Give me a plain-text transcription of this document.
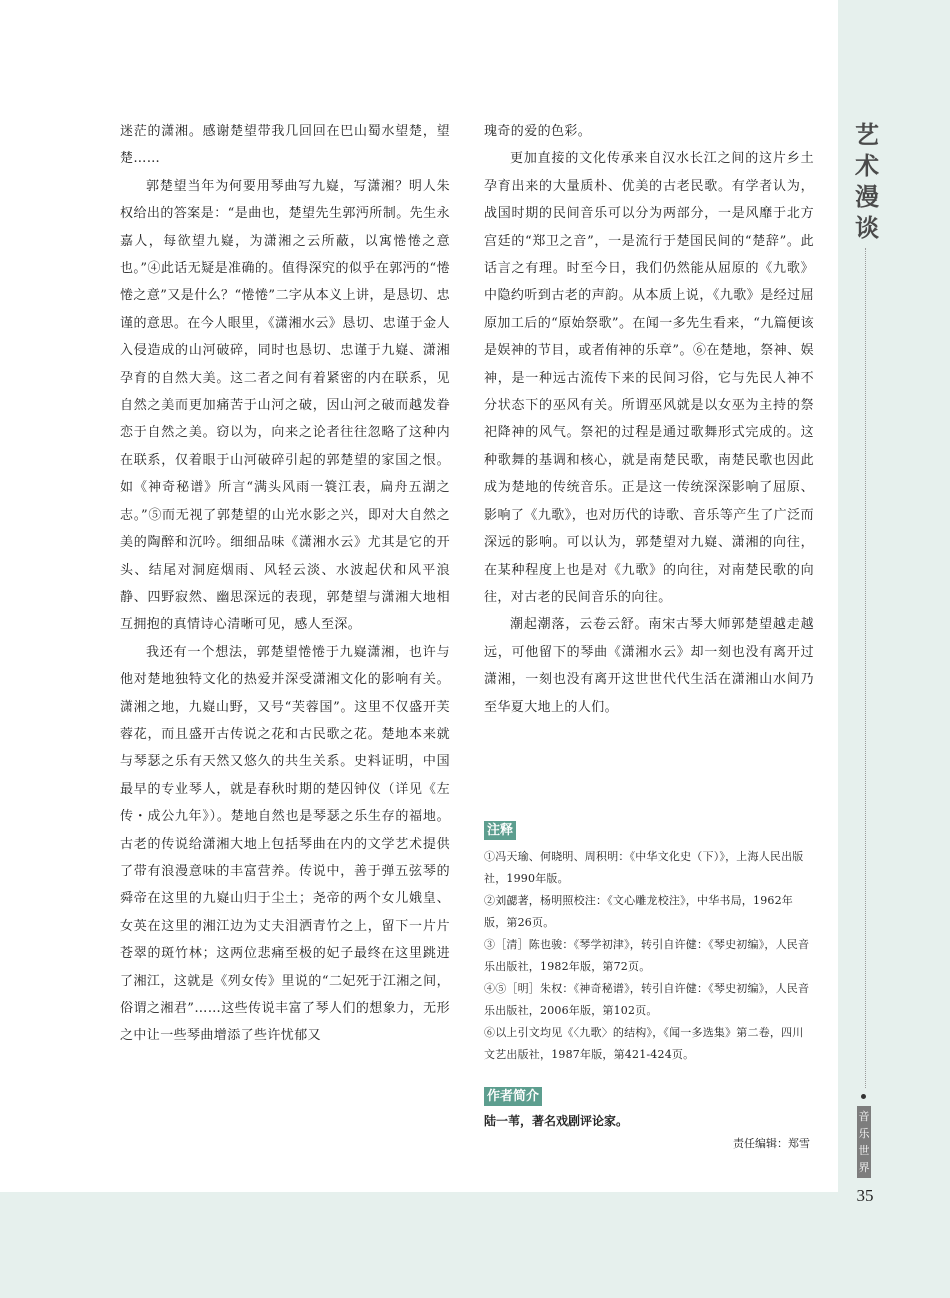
艺术漫谈
音乐世界
35

迷茫的潇湘。感谢楚望带我几回回在巴山蜀水望楚，望楚……

郭楚望当年为何要用琴曲写九嶷，写潇湘？明人朱权给出的答案是：“是曲也，楚望先生郭沔所制。先生永嘉人，每欲望九嶷，为潇湘之云所蔽，以寓惓惓之意也。”④此话无疑是准确的。值得深究的似乎在郭沔的“惓惓之意”又是什么？“惓惓”二字从本义上讲，是恳切、忠谨的意思。在今人眼里，《潇湘水云》恳切、忠谨于金人入侵造成的山河破碎，同时也恳切、忠谨于九嶷、潇湘孕育的自然大美。这二者之间有着紧密的内在联系，见自然之美而更加痛苦于山河之破，因山河之破而越发眷恋于自然之美。窃以为，向来之论者往往忽略了这种内在联系，仅着眼于山河破碎引起的郭楚望的家国之恨。如《神奇秘谱》所言“满头风雨一簑江表，扁舟五湖之志。”⑤而无视了郭楚望的山光水影之兴，即对大自然之美的陶醉和沉吟。细细品味《潇湘水云》尤其是它的开头、结尾对洞庭烟雨、风轻云淡、水波起伏和风平浪静、四野寂然、幽思深远的表现，郭楚望与潇湘大地相互拥抱的真情诗心清晰可见，感人至深。

我还有一个想法，郭楚望惓惓于九嶷潇湘，也许与他对楚地独特文化的热爱并深受潇湘文化的影响有关。潇湘之地，九嶷山野，又号“芙蓉国”。这里不仅盛开芙蓉花，而且盛开古传说之花和古民歌之花。楚地本来就与琴瑟之乐有天然又悠久的共生关系。史料证明，中国最早的专业琴人，就是春秋时期的楚囚钟仪（详见《左传・成公九年》）。楚地自然也是琴瑟之乐生存的福地。古老的传说给潇湘大地上包括琴曲在内的文学艺术提供了带有浪漫意味的丰富营养。传说中，善于弹五弦琴的舜帝在这里的九嶷山归于尘土；尧帝的两个女儿娥皇、女英在这里的湘江边为丈夫泪洒青竹之上，留下一片片苍翠的斑竹林；这两位悲痛至极的妃子最终在这里跳进了湘江，这就是《列女传》里说的“二妃死于江湘之间，俗谓之湘君”……这些传说丰富了琴人们的想象力，无形之中让一些琴曲增添了些许忧郁又

瑰奇的爱的色彩。

更加直接的文化传承来自汉水长江之间的这片乡土孕育出来的大量质朴、优美的古老民歌。有学者认为，战国时期的民间音乐可以分为两部分，一是风靡于北方宫廷的“郑卫之音”，一是流行于楚国民间的“楚辞”。此话言之有理。时至今日，我们仍然能从屈原的《九歌》中隐约听到古老的声韵。从本质上说，《九歌》是经过屈原加工后的“原始祭歌”。在闻一多先生看来，“九篇便该是娱神的节目，或者侑神的乐章”。⑥在楚地，祭神、娱神，是一种远古流传下来的民间习俗，它与先民人神不分状态下的巫风有关。所谓巫风就是以女巫为主持的祭祀降神的风气。祭祀的过程是通过歌舞形式完成的。这种歌舞的基调和核心，就是南楚民歌，南楚民歌也因此成为楚地的传统音乐。正是这一传统深深影响了屈原、影响了《九歌》，也对历代的诗歌、音乐等产生了广泛而深远的影响。可以认为，郭楚望对九嶷、潇湘的向往，在某种程度上也是对《九歌》的向往，对南楚民歌的向往，对古老的民间音乐的向往。

潮起潮落，云卷云舒。南宋古琴大师郭楚望越走越远，可他留下的琴曲《潇湘水云》却一刻也没有离开过潇湘，一刻也没有离开这世世代代生活在潇湘山水间乃至华夏大地上的人们。

注释
①冯天瑜、何晓明、周积明：《中华文化史（下）》，上海人民出版社，1990年版。
②刘勰著，杨明照校注：《文心雕龙校注》，中华书局，1962年版，第26页。
③［清］陈也骏：《琴学初津》，转引自许健：《琴史初编》，人民音乐出版社，1982年版，第72页。
④⑤［明］朱权：《神奇秘谱》，转引自许健：《琴史初编》，人民音乐出版社，2006年版，第102页。
⑥以上引文均见《〈九歌〉的结构》，《闻一多选集》第二卷，四川文艺出版社，1987年版，第421-424页。
作者简介
陆一苇，著名戏剧评论家。
责任编辑：郑雪
